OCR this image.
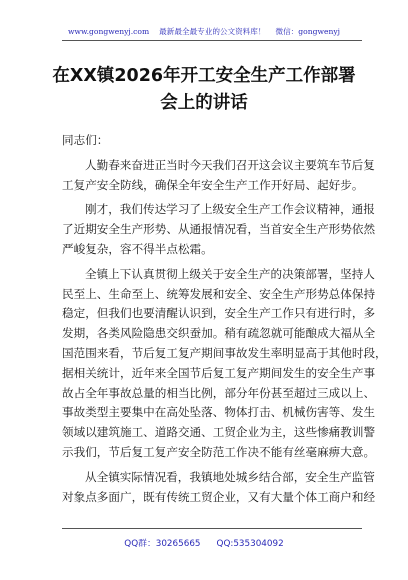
www.gongwenyj.com 最新最全最专业的公文资料库！ 微信：gongwenyj
在XX镇2026年开工安全生产工作部署
会上的讲话
同志们：
人勤春来奋进正当时今天我们召开这会议主要筑车节后复
工复产安全防线，确保全年安全生产工作开好局、起好步。
刚才，我们传达学习了上级安全生产工作会议精神，通报
了近期安全生产形势、从通报情况看，当首安全生产形势依然
严峻复杂，容不得半点松霜。
全镇上下认真贯彻上级关于安全生产的决策部署，坚持人
民至上、生命至上、统筹发展和安全、安全生产形势总体保持
稳定，但我们也要清醒认识到，安全生产工作只有进行时，多
发期，各类风险隐患交织蚕加。稍有疏忽就可能酿成大福从全
国范围来看，节后复工复产期间事故发生率明显高于其他时段，
据相关统计，近年来全国节后复工复产期间发生的安全生产事
故占全年事故总量的相当比例，部分年份甚至超过三成以上、
事故类型主要集中在高处坠落、物体打击、机械伤害等、发生
领域以建筑施工、道路交通、工贸企业为主，这些惨痛教训警
示我们，节后复工复产安全防范工作决不能有丝毫麻痹大意。
从全镇实际情况看，我镇地处城乡结合部，安全生产监管
对象点多面广，既有传统工贸企业，又有大量个体工商户和经
QQ群：30265665 QQ:535304092
